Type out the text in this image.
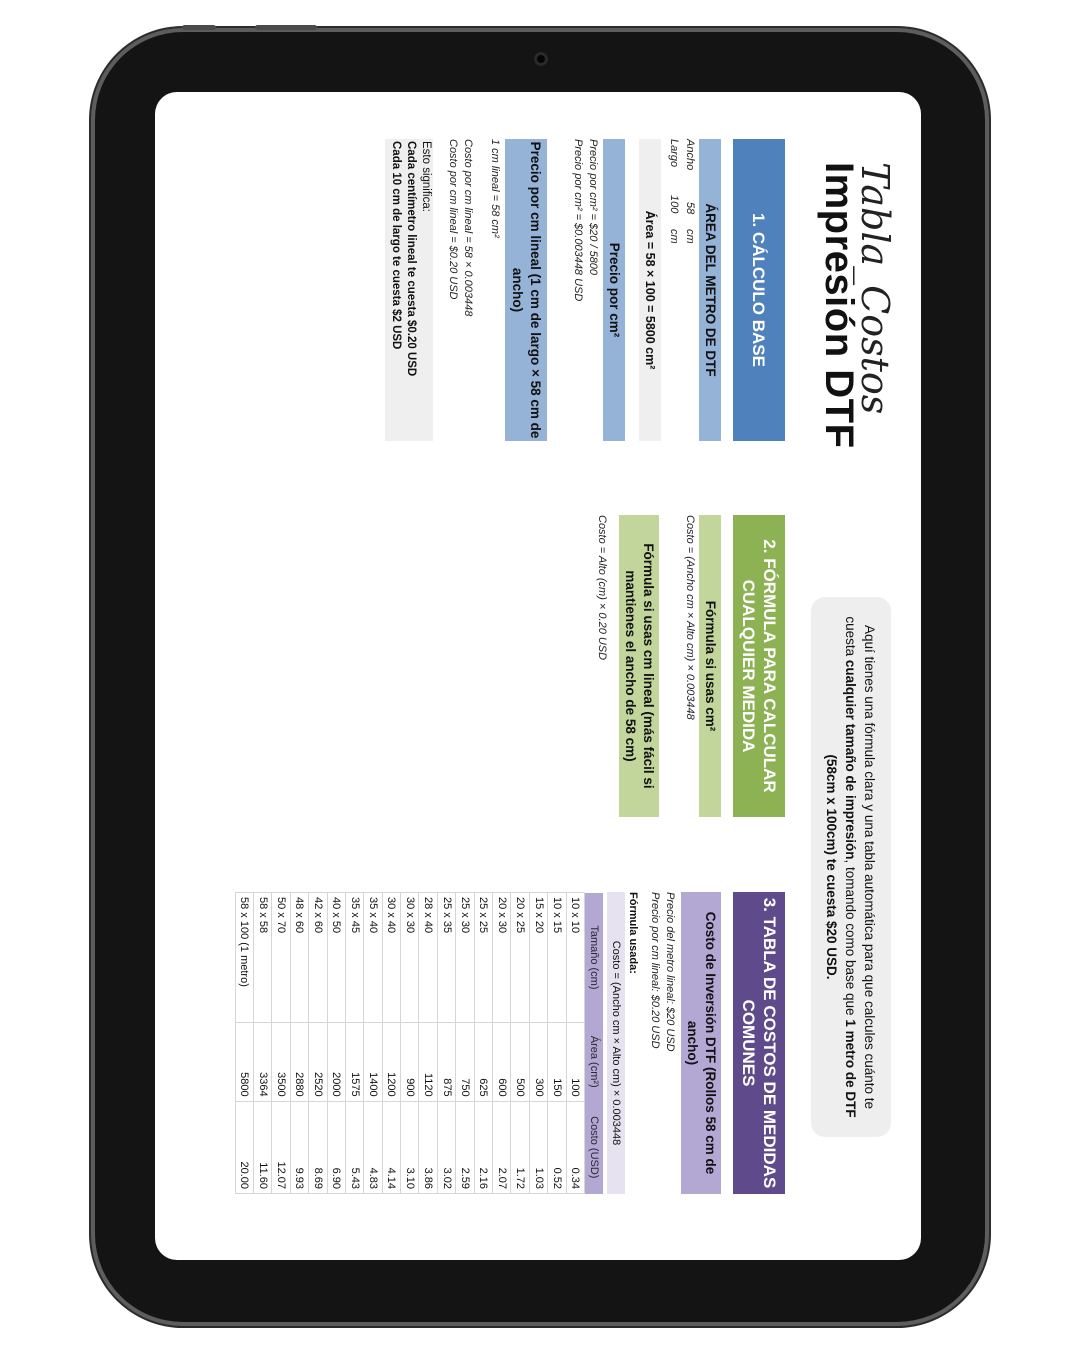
Tabla_Costos
Impresión DTF
Aquí tienes una fórmula clara y una tabla automática para que calcules cuánto te cuesta cualquier tamaño de impresión, tomando como base que 1 metro de DTF (58cm x 100cm) te cuesta $20 USD.
1. CÁLCULO BASE
ÁREA DEL METRO DE DTF
Ancho
58
cm
Largo
100
cm
Área = 58 × 100 = 5800 cm²
Precio por cm²
Precio por cm² = $20 / 5800
Precio por cm² = $0.003448 USD
Precio por cm lineal (1 cm de largo × 58 cm de ancho)
1 cm lineal = 58 cm²
Costo por cm lineal = 58 × 0.003448
Costo por cm lineal = $0.20 USD
Esto significa:
Cada centímetro lineal te cuesta $0.20 USD
Cada 10 cm de largo te cuesta $2 USD
2. FÓRMULA PARA CALCULAR CUALQUIER MEDIDA
Fórmula si usas cm²
Costo = (Ancho cm × Alto cm) × 0.003448
Fórmula si usas cm lineal (más fácil si mantienes el ancho de 58 cm)
Costo = Alto (cm) × 0.20 USD
3. TABLA DE COSTOS DE MEDIDAS COMUNES
Costo de Inversión DTF (Rollos 58 cm de ancho)
Precio del metro lineal: $20 USD
Precio por cm lineal: $0.20 USD
Fórmula usada:
Costo = (Ancho cm × Alto cm) × 0.003448
Tamaño (cm)	Área (cm²)	Costo (USD)
10 x 10	100	0.34
10 x 15	150	0.52
15 x 20	300	1.03
20 x 25	500	1.72
20 x 30	600	2.07
25 x 25	625	2.16
25 x 30	750	2.59
25 x 35	875	3.02
28 x 40	1120	3.86
30 x 30	900	3.10
30 x 40	1200	4.14
35 x 40	1400	4.83
35 x 45	1575	5.43
40 x 50	2000	6.90
42 x 60	2520	8.69
48 x 60	2880	9.93
50 x 70	3500	12.07
58 x 58	3364	11.60
58 x 100 (1 metro)	5800	20.00
